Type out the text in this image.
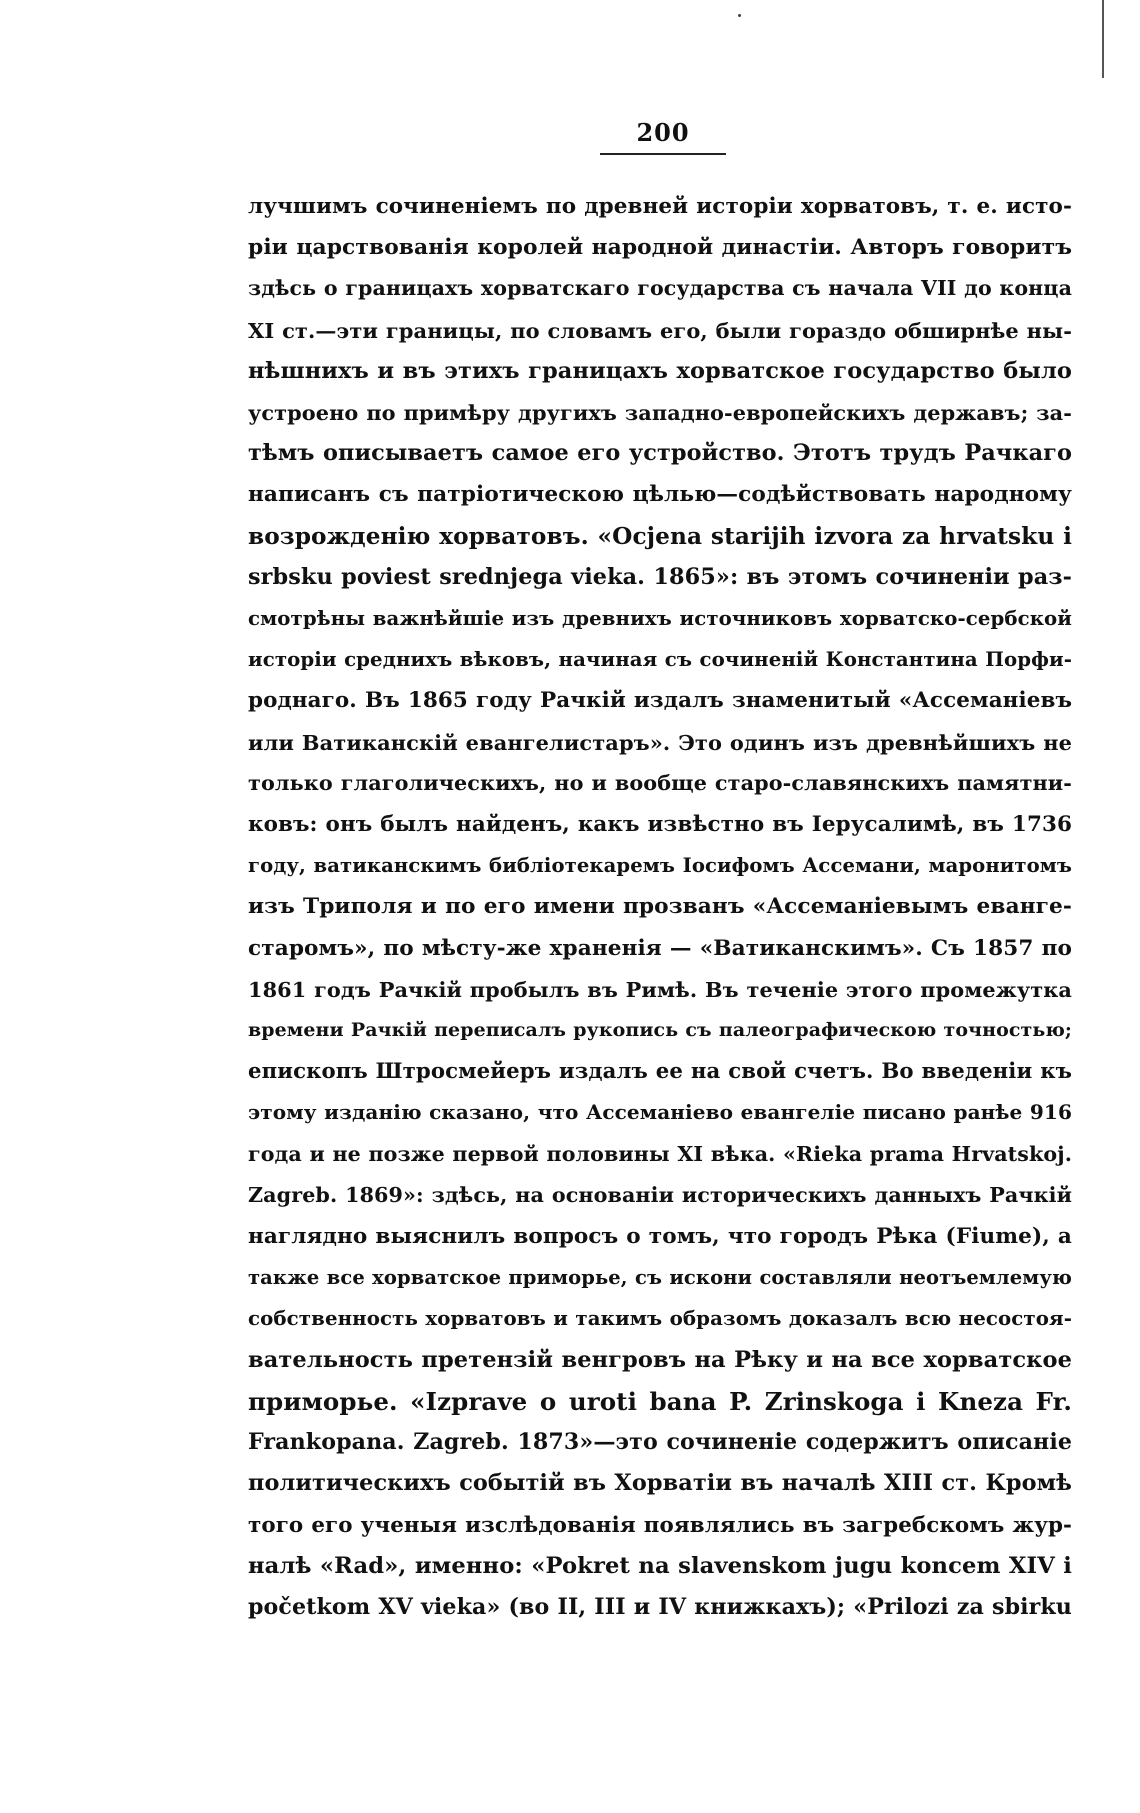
200
лучшимъ сочиненіемъ по древней исторіи хорватовъ, т. е. исто-
ріи царствованія королей народной династіи. Авторъ говоритъ
здѣсь о границахъ хорватскаго государства съ начала VII до конца
XI ст.—эти границы, по словамъ его, были гораздо обширнѣе ны-
нѣшнихъ и въ этихъ границахъ хорватское государство было
устроено по примѣру другихъ западно-европейскихъ державъ; за-
тѣмъ описываетъ самое его устройство. Этотъ трудъ Рачкаго
написанъ съ патріотическою цѣлью—содѣйствовать народному
возрожденію хорватовъ. «Ocjena starijih izvora za hrvatsku i
srbsku poviest srednjega vieka. 1865»: въ этомъ сочиненіи раз-
смотрѣны важнѣйшіе изъ древнихъ источниковъ хорватско-сербской
исторіи среднихъ вѣковъ, начиная съ сочиненій Константина Порфи-
роднаго. Въ 1865 году Рачкій издалъ знаменитый «Ассеманіевъ
или Ватиканскій евангелистаръ». Это одинъ изъ древнѣйшихъ не
только глаголическихъ, но и вообще старо-славянскихъ памятни-
ковъ: онъ былъ найденъ, какъ извѣстно въ Іерусалимѣ, въ 1736
году, ватиканскимъ библіотекаремъ Іосифомъ Ассемани, маронитомъ
изъ Триполя и по его имени прозванъ «Ассеманіевымъ еванге-
старомъ», по мѣсту-же храненія — «Ватиканскимъ». Съ 1857 по
1861 годъ Рачкій пробылъ въ Римѣ. Въ теченіе этого промежутка
времени Рачкій переписалъ рукопись съ палеографическою точностью;
епископъ Штросмейеръ издалъ ее на свой счетъ. Во введеніи къ
этому изданію сказано, что Ассеманіево евангеліе писано ранѣе 916
года и не позже первой половины XI вѣка. «Rieka prama Hrvatskoj.
Zagreb. 1869»: здѣсь, на основаніи историческихъ данныхъ Рачкій
наглядно выяснилъ вопросъ о томъ, что городъ Рѣка (Fiume), а
также все хорватское приморье, съ искони составляли неотъемлемую
собственность хорватовъ и такимъ образомъ доказалъ всю несостоя-
вательность претензій венгровъ на Рѣку и на все хорватское
приморье. «Izprave o uroti bana P. Zrinskoga i Kneza Fr.
Frankopana. Zagreb. 1873»—это сочиненіе содержитъ описаніе
политическихъ событій въ Хорватіи въ началѣ XIII ст. Кромѣ
того его ученыя изслѣдованія появлялись въ загребскомъ жур-
налѣ «Rad», именно: «Pokret na slavenskom jugu koncem XIV i
početkom XV vieka» (во II, III и IV книжкахъ); «Prilozi za sbirku
